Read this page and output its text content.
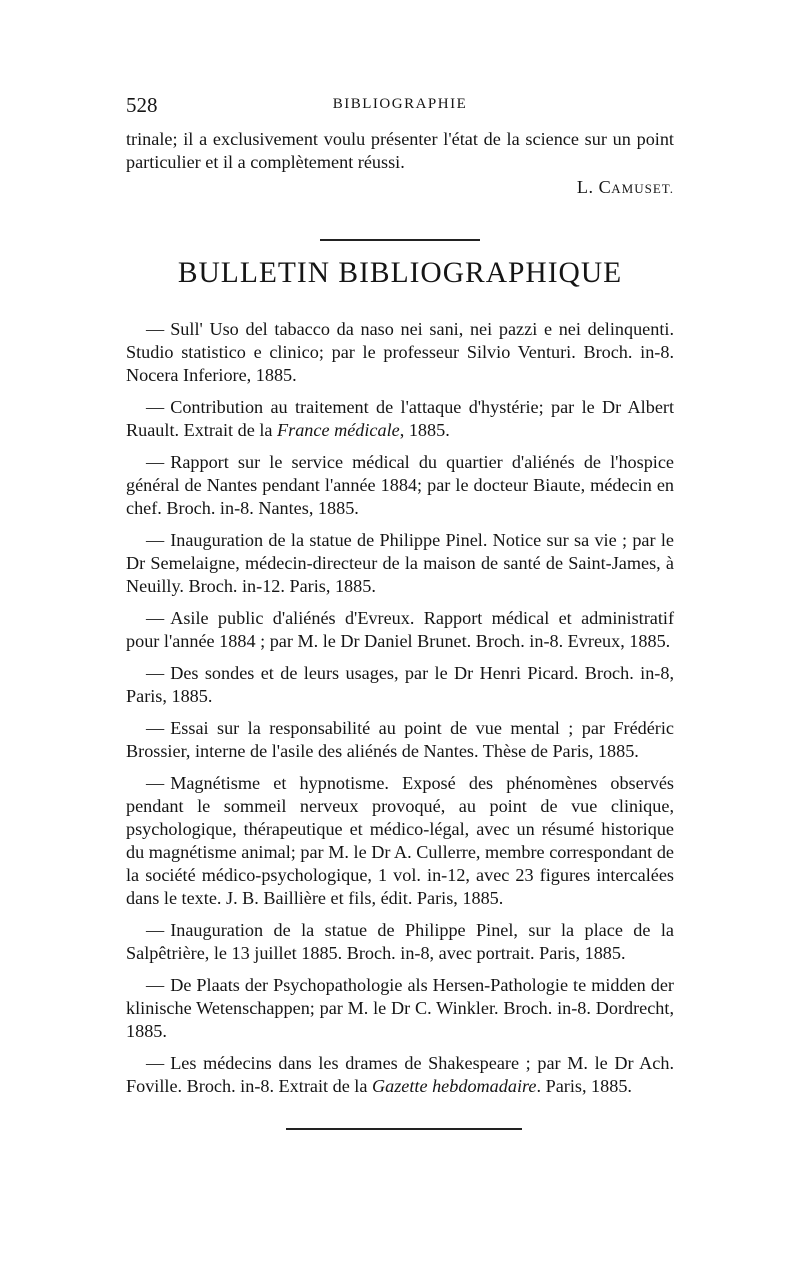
528	BIBLIOGRAPHIE

trinale; il a exclusivement voulu présenter l'état de la science sur un point particulier et il a complètement réussi.

L. CAMUSET.
BULLETIN BIBLIOGRAPHIQUE

— Sull' Uso del tabacco da naso nei sani, nei pazzi e nei delinquenti. Studio statistico e clinico; par le professeur Silvio Venturi. Broch. in-8. Nocera Inferiore, 1885.

— Contribution au traitement de l'attaque d'hystérie; par le Dr Albert Ruault. Extrait de la France médicale, 1885.

— Rapport sur le service médical du quartier d'aliénés de l'hospice général de Nantes pendant l'année 1884; par le docteur Biaute, médecin en chef. Broch. in-8. Nantes, 1885.

— Inauguration de la statue de Philippe Pinel. Notice sur sa vie ; par le Dr Semelaigne, médecin-directeur de la maison de santé de Saint-James, à Neuilly. Broch. in-12. Paris, 1885.

— Asile public d'aliénés d'Evreux. Rapport médical et administratif pour l'année 1884 ; par M. le Dr Daniel Brunet. Broch. in-8. Evreux, 1885.

— Des sondes et de leurs usages, par le Dr Henri Picard. Broch. in-8, Paris, 1885.

— Essai sur la responsabilité au point de vue mental ; par Frédéric Brossier, interne de l'asile des aliénés de Nantes. Thèse de Paris, 1885.

— Magnétisme et hypnotisme. Exposé des phénomènes observés pendant le sommeil nerveux provoqué, au point de vue clinique, psychologique, thérapeutique et médico-légal, avec un résumé historique du magnétisme animal; par M. le Dr A. Cullerre, membre correspondant de la société médico-psychologique, 1 vol. in-12, avec 23 figures intercalées dans le texte. J. B. Baillière et fils, édit. Paris, 1885.

— Inauguration de la statue de Philippe Pinel, sur la place de la Salpêtrière, le 13 juillet 1885. Broch. in-8, avec portrait. Paris, 1885.

— De Plaats der Psychopathologie als Hersen-Pathologie te midden der klinische Wetenschappen; par M. le Dr C. Winkler. Broch. in-8. Dordrecht, 1885.

— Les médecins dans les drames de Shakespeare ; par M. le Dr Ach. Foville. Broch. in-8. Extrait de la Gazette hebdomadaire. Paris, 1885.
